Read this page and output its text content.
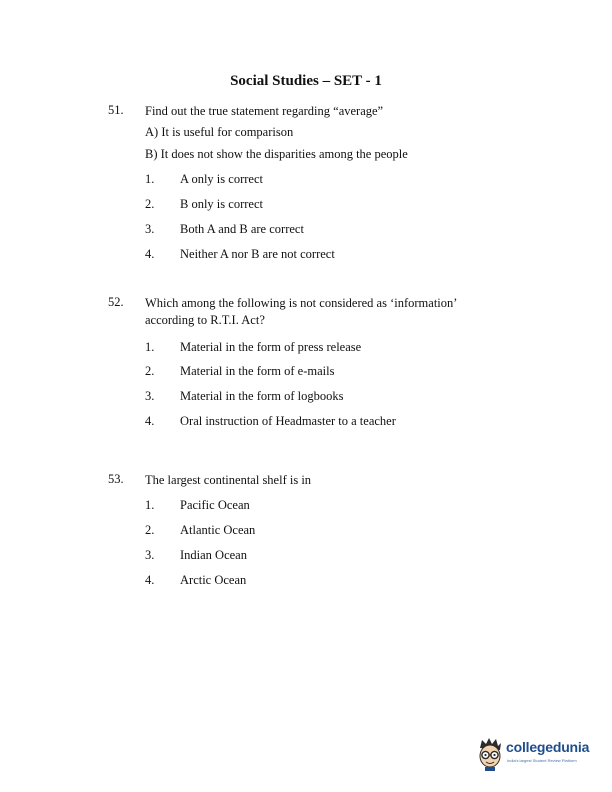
Social Studies – SET - 1
51. Find out the true statement regarding “average”
A) It is useful for comparison
B) It does not show the disparities among the people
1. A only is correct
2. B only is correct
3. Both A and B are correct
4. Neither A nor B are not correct
52. Which among the following is not considered as ‘information’ according to R.T.I. Act?
1. Material in the form of press release
2. Material in the form of e-mails
3. Material in the form of logbooks
4. Oral instruction of Headmaster to a teacher
53. The largest continental shelf is in
1. Pacific Ocean
2. Atlantic Ocean
3. Indian Ocean
4. Arctic Ocean
collegedunia
India's largest Student Review Platform
